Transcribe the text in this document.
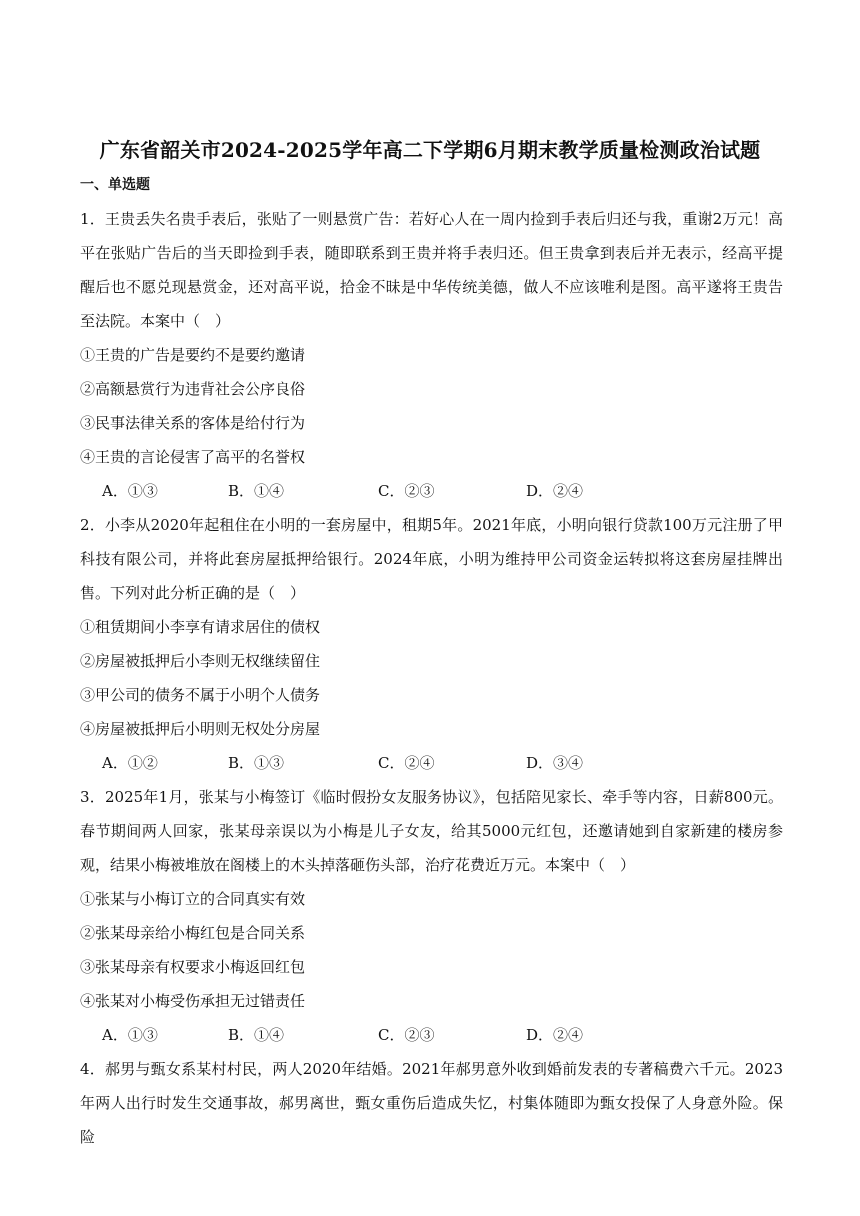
广东省韶关市2024-2025学年高二下学期6月期末教学质量检测政治试题
一、单选题

1．王贵丢失名贵手表后，张贴了一则悬赏广告：若好心人在一周内捡到手表后归还与我，重谢2万元！高平在张贴广告后的当天即捡到手表，随即联系到王贵并将手表归还。但王贵拿到表后并无表示，经高平提醒后也不愿兑现悬赏金，还对高平说，拾金不昧是中华传统美德，做人不应该唯利是图。高平遂将王贵告至法院。本案中（　）

①王贵的广告是要约不是要约邀请

②高额悬赏行为违背社会公序良俗

③民事法律关系的客体是给付行为

④王贵的言论侵害了高平的名誉权

A．①③	B．①④	C．②③	D．②④

2．小李从2020年起租住在小明的一套房屋中，租期5年。2021年底，小明向银行贷款100万元注册了甲科技有限公司，并将此套房屋抵押给银行。2024年底，小明为维持甲公司资金运转拟将这套房屋挂牌出售。下列对此分析正确的是（　）

①租赁期间小李享有请求居住的债权

②房屋被抵押后小李则无权继续留住

③甲公司的债务不属于小明个人债务

④房屋被抵押后小明则无权处分房屋

A．①②	B．①③	C．②④	D．③④

3．2025年1月，张某与小梅签订《临时假扮女友服务协议》，包括陪见家长、牵手等内容，日薪800元。春节期间两人回家，张某母亲误以为小梅是儿子女友，给其5000元红包，还邀请她到自家新建的楼房参观，结果小梅被堆放在阁楼上的木头掉落砸伤头部，治疗花费近万元。本案中（　）

①张某与小梅订立的合同真实有效

②张某母亲给小梅红包是合同关系

③张某母亲有权要求小梅返回红包

④张某对小梅受伤承担无过错责任

A．①③	B．①④	C．②③	D．②④

4．郝男与甄女系某村村民，两人2020年结婚。2021年郝男意外收到婚前发表的专著稿费六千元。2023年两人出行时发生交通事故，郝男离世，甄女重伤后造成失忆，村集体随即为甄女投保了人身意外险。保险
